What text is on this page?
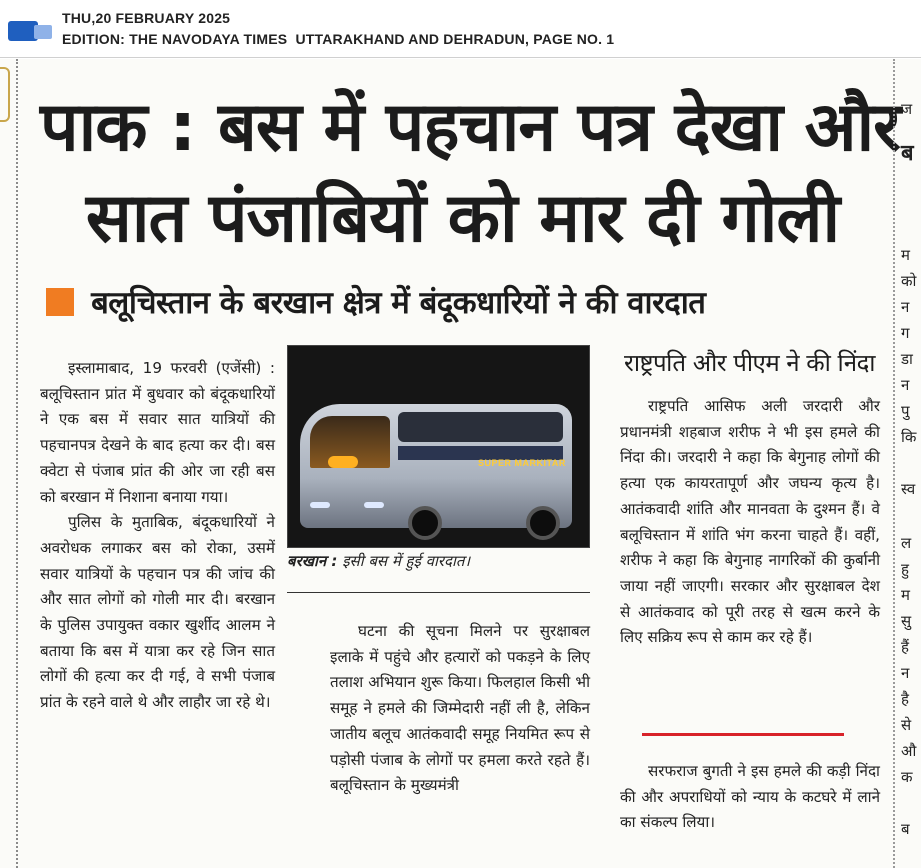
THU,20 FEBRUARY 2025
EDITION: THE NAVODAYA TIMES  UTTARAKHAND AND DEHRADUN, PAGE NO. 1
पाक : बस में पहचान पत्र देखा और
सात पंजाबियों को मार दी गोली
बलूचिस्तान के बरखान क्षेत्र में बंदूकधारियों ने की वारदात

इस्लामाबाद, 19 फरवरी (एजेंसी) : बलूचिस्तान प्रांत में बुधवार को बंदूकधारियों ने एक बस में सवार सात यात्रियों की पहचानपत्र देखने के बाद हत्या कर दी। बस क्वेटा से पंजाब प्रांत की ओर जा रही बस को बरखान में निशाना बनाया गया।

पुलिस के मुताबिक, बंदूकधारियों ने अवरोधक लगाकर बस को रोका, उसमें सवार यात्रियों के पहचान पत्र की जांच की और सात लोगों को गोली मार दी। बरखान के पुलिस उपायुक्त वकार खुर्शीद आलम ने बताया कि बस में यात्रा कर रहे जिन सात लोगों की हत्या कर दी गई, वे सभी पंजाब प्रांत के रहने वाले थे और लाहौर जा रहे थे।

SUPER MARKITAR
बरखान : इसी बस में हुई वारदात।

घटना की सूचना मिलने पर सुरक्षाबल इलाके में पहुंचे और हत्यारों को पकड़ने के लिए तलाश अभियान शुरू किया। फिलहाल किसी भी समूह ने हमले की जिम्मेदारी नहीं ली है, लेकिन जातीय बलूच आतंकवादी समूह नियमित रूप से पड़ोसी पंजाब के लोगों पर हमला करते रहते हैं। बलूचिस्तान के मुख्यमंत्री

राष्ट्रपति और पीएम ने की निंदा

राष्ट्रपति आसिफ अली जरदारी और प्रधानमंत्री शहबाज शरीफ ने भी इस हमले की निंदा की। जरदारी ने कहा कि बेगुनाह लोगों की हत्या एक कायरतापूर्ण और जघन्य कृत्य है। आतंकवादी शांति और मानवता के दुश्मन हैं। वे बलूचिस्तान में शांति भंग करना चाहते हैं। वहीं, शरीफ ने कहा कि बेगुनाह नागरिकों की कुर्बानी जाया नहीं जाएगी। सरकार और सुरक्षाबल देश से आतंकवाद को पूरी तरह से खत्म करने के लिए सक्रिय रूप से काम कर रहे हैं।

सरफराज बुगती ने इस हमले की कड़ी निंदा की और अपराधियों को न्याय के कटघरे में लाने का संकल्प लिया।

ज
ब
म
को
न
ग
डा
न
पु
कि
स्व
ल
हु
म
सु
हैं
न
है
से
औ
क
ब
